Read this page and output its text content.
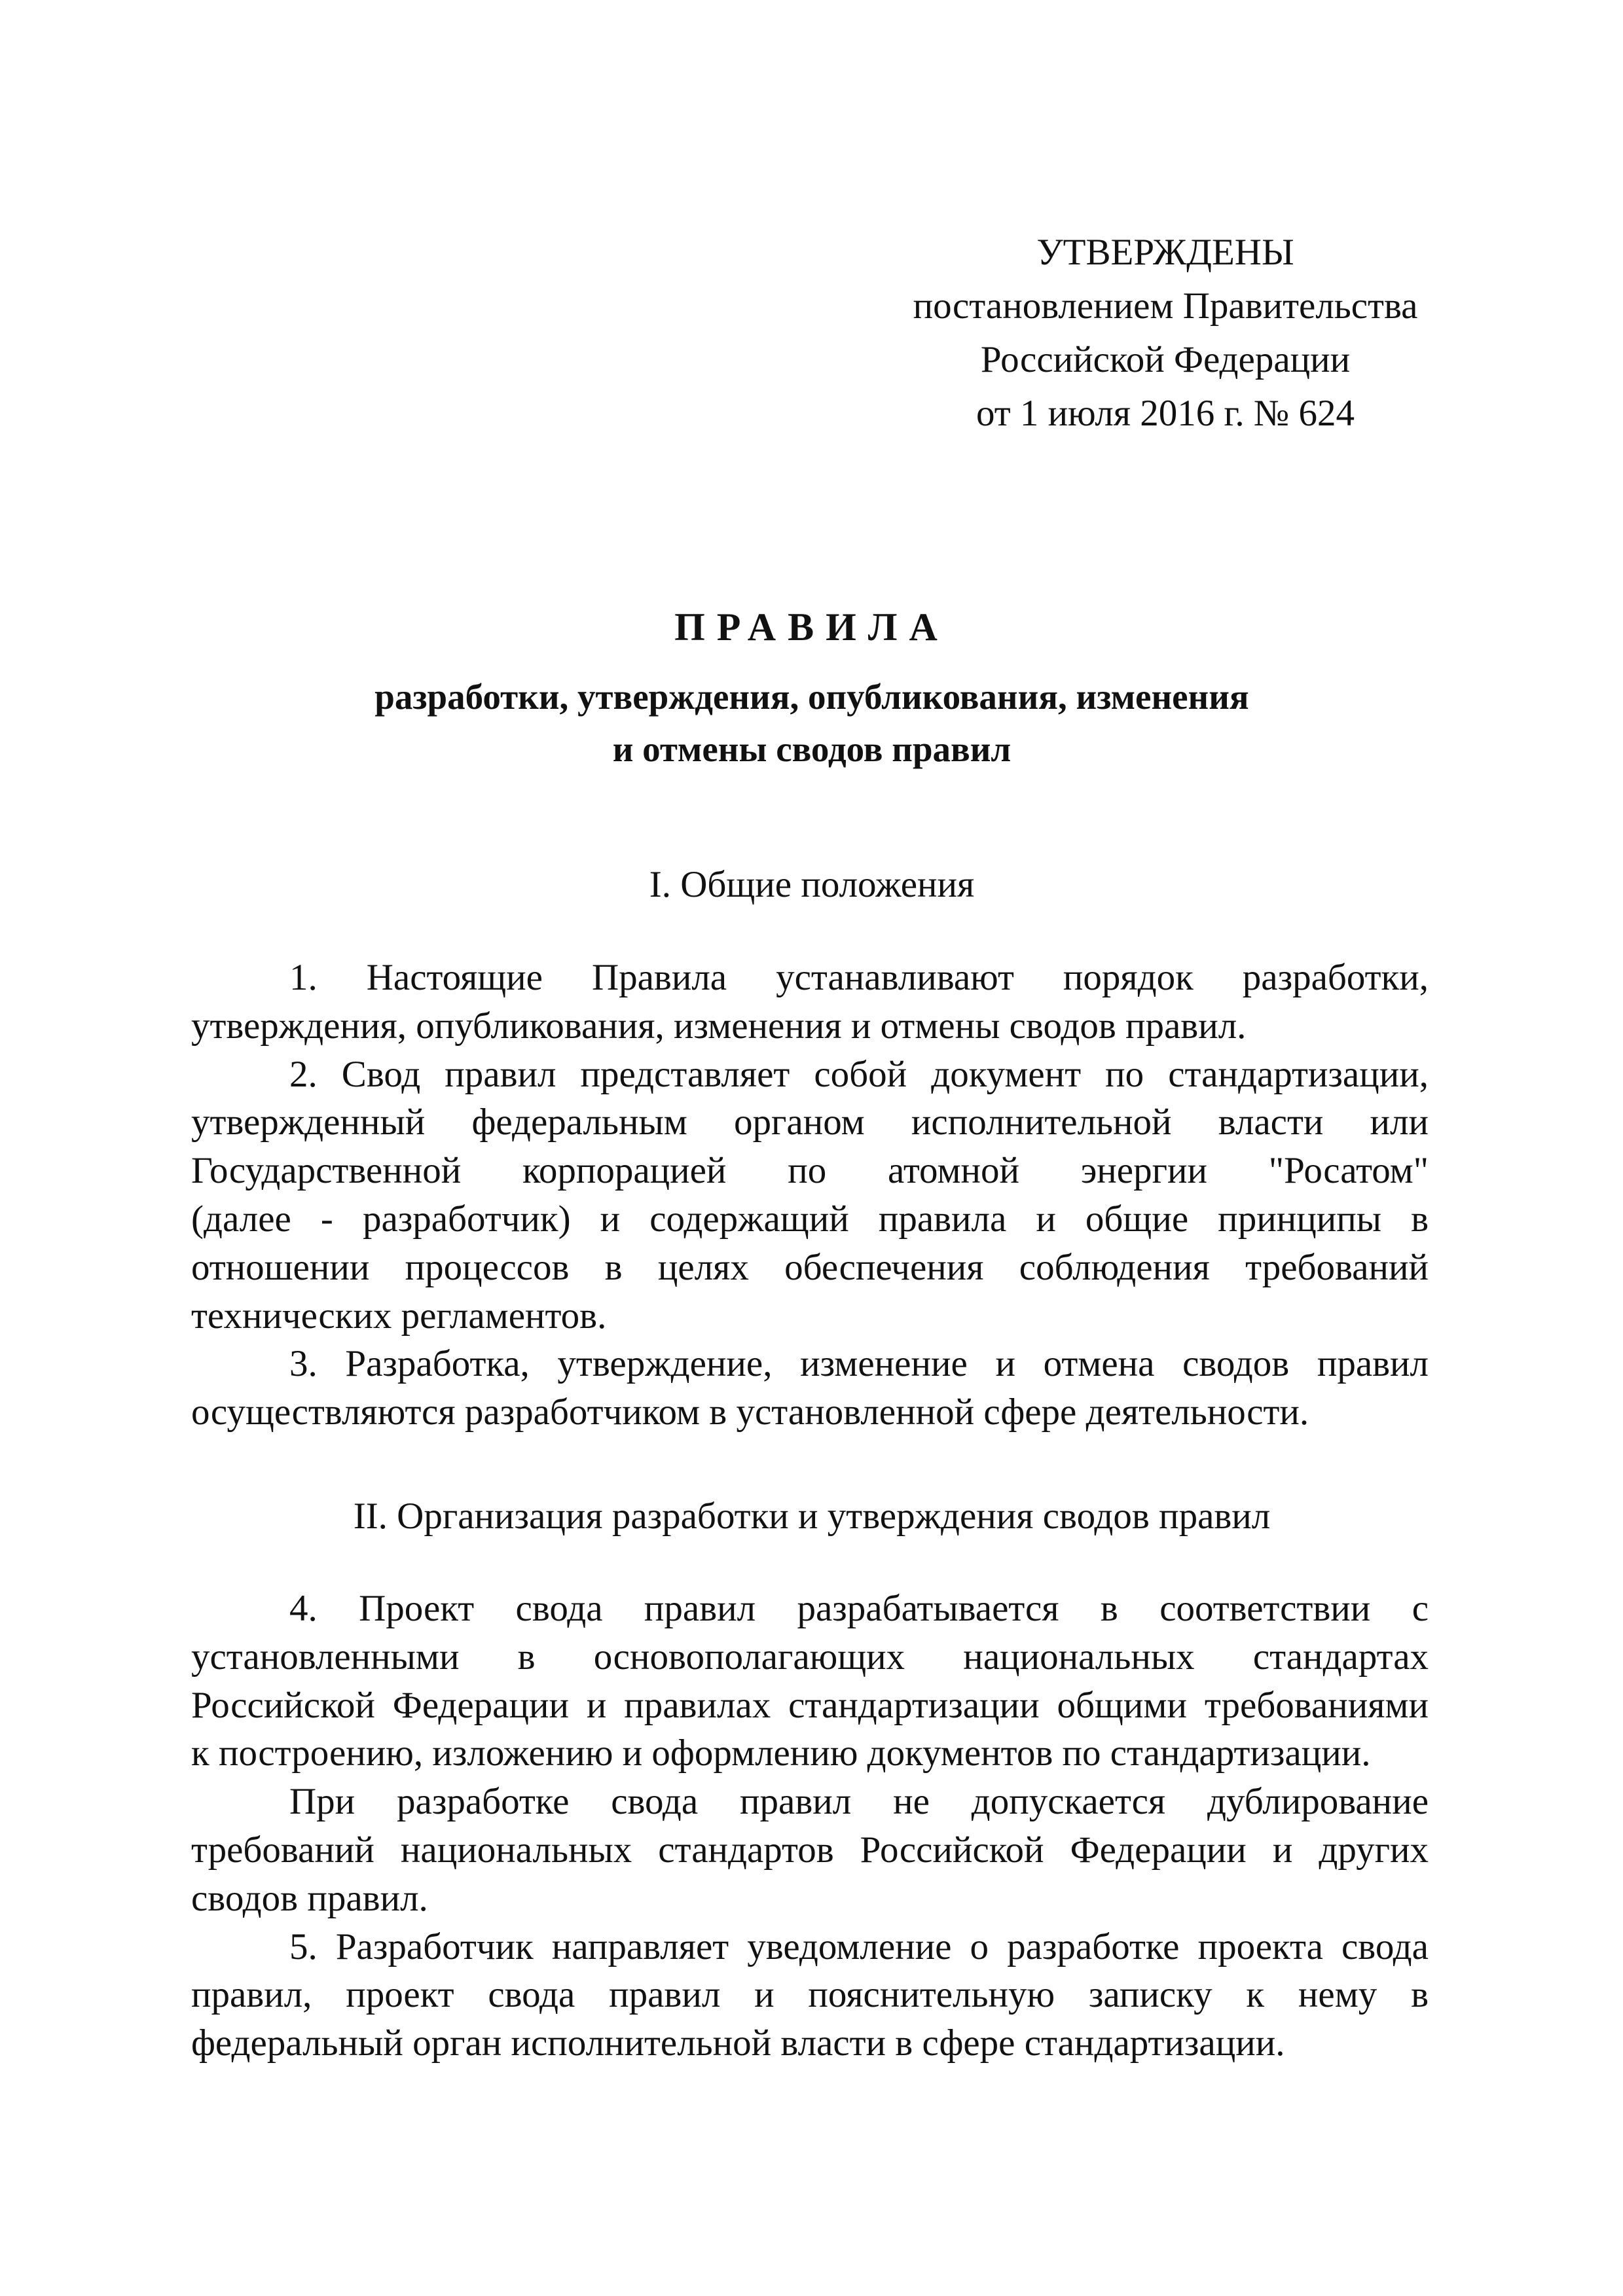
УТВЕРЖДЕНЫ
постановлением Правительства
Российской Федерации
от 1 июля 2016 г. № 624
ПРАВИЛА
разработки, утверждения, опубликования, изменения
и отмены сводов правил
I. Общие положения
1. Настоящие Правила устанавливают порядок разработки,
утверждения, опубликования, изменения и отмены сводов правил.
2. Свод правил представляет собой документ по стандартизации,
утвержденный федеральным органом исполнительной власти или
Государственной корпорацией по атомной энергии "Росатом"
(далее - разработчик) и содержащий правила и общие принципы в
отношении процессов в целях обеспечения соблюдения требований
технических регламентов.
3. Разработка, утверждение, изменение и отмена сводов правил
осуществляются разработчиком в установленной сфере деятельности.
II. Организация разработки и утверждения сводов правил
4. Проект свода правил разрабатывается в соответствии с
установленными в основополагающих национальных стандартах
Российской Федерации и правилах стандартизации общими требованиями
к построению, изложению и оформлению документов по стандартизации.
При разработке свода правил не допускается дублирование
требований национальных стандартов Российской Федерации и других
сводов правил.
5. Разработчик направляет уведомление о разработке проекта свода
правил, проект свода правил и пояснительную записку к нему в
федеральный орган исполнительной власти в сфере стандартизации.
